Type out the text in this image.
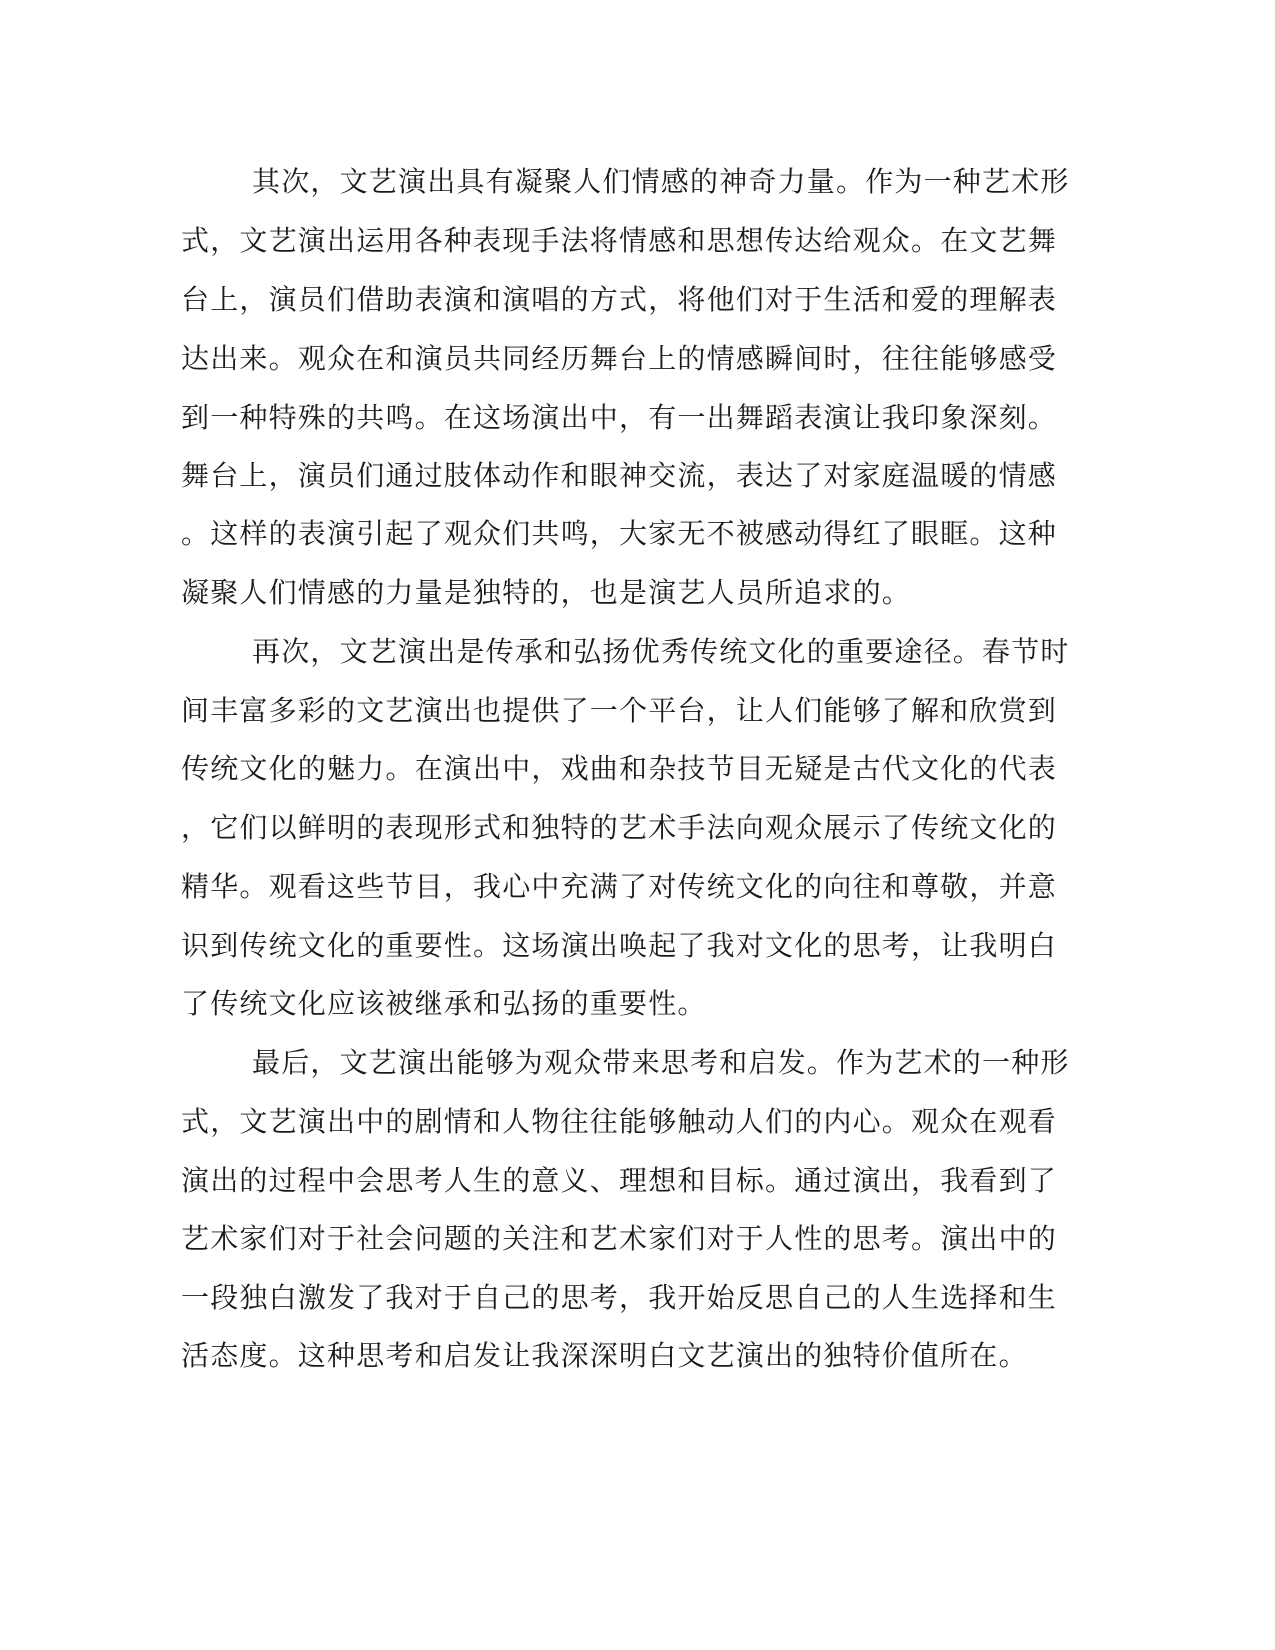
其次，文艺演出具有凝聚人们情感的神奇力量。作为一种艺术形
式，文艺演出运用各种表现手法将情感和思想传达给观众。在文艺舞
台上，演员们借助表演和演唱的方式，将他们对于生活和爱的理解表
达出来。观众在和演员共同经历舞台上的情感瞬间时，往往能够感受
到一种特殊的共鸣。在这场演出中，有一出舞蹈表演让我印象深刻。
舞台上，演员们通过肢体动作和眼神交流，表达了对家庭温暖的情感
。这样的表演引起了观众们共鸣，大家无不被感动得红了眼眶。这种
凝聚人们情感的力量是独特的，也是演艺人员所追求的。
再次，文艺演出是传承和弘扬优秀传统文化的重要途径。春节时
间丰富多彩的文艺演出也提供了一个平台，让人们能够了解和欣赏到
传统文化的魅力。在演出中，戏曲和杂技节目无疑是古代文化的代表
，它们以鲜明的表现形式和独特的艺术手法向观众展示了传统文化的
精华。观看这些节目，我心中充满了对传统文化的向往和尊敬，并意
识到传统文化的重要性。这场演出唤起了我对文化的思考，让我明白
了传统文化应该被继承和弘扬的重要性。
最后，文艺演出能够为观众带来思考和启发。作为艺术的一种形
式，文艺演出中的剧情和人物往往能够触动人们的内心。观众在观看
演出的过程中会思考人生的意义、理想和目标。通过演出，我看到了
艺术家们对于社会问题的关注和艺术家们对于人性的思考。演出中的
一段独白激发了我对于自己的思考，我开始反思自己的人生选择和生
活态度。这种思考和启发让我深深明白文艺演出的独特价值所在。
